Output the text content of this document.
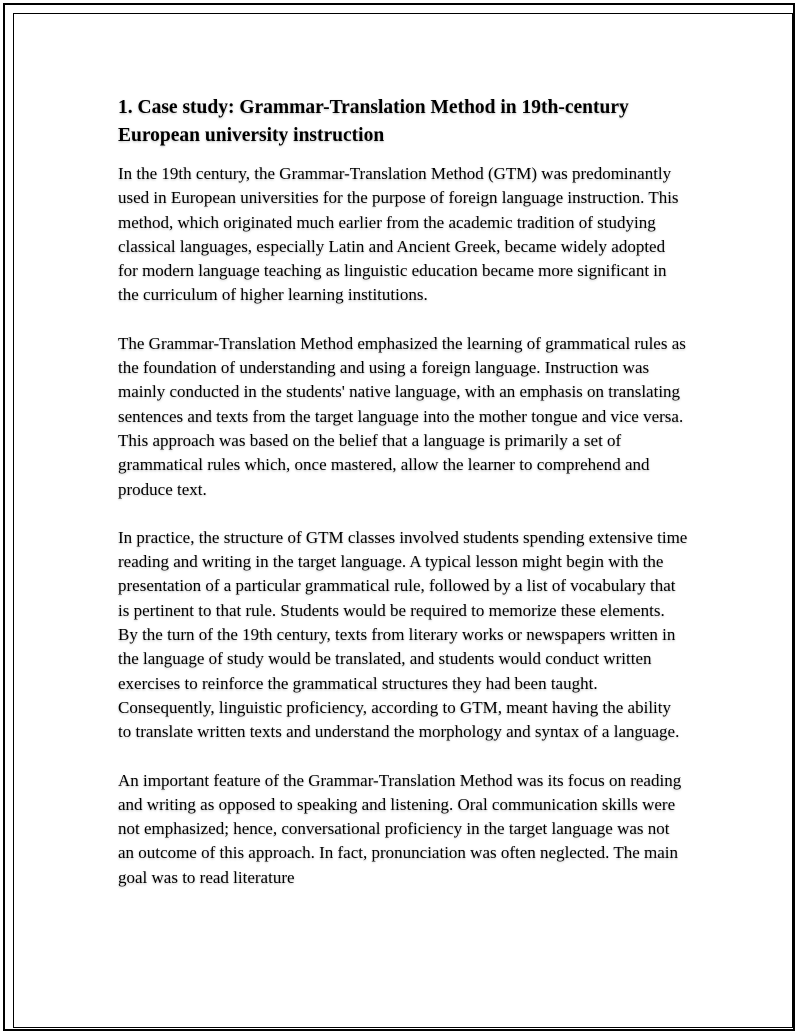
1. Case study: Grammar-Translation Method in 19th-century European university instruction

In the 19th century, the Grammar-Translation Method (GTM) was predominantly used in European universities for the purpose of foreign language instruction. This method, which originated much earlier from the academic tradition of studying classical languages, especially Latin and Ancient Greek, became widely adopted for modern language teaching as linguistic education became more significant in the curriculum of higher learning institutions.

The Grammar-Translation Method emphasized the learning of grammatical rules as the foundation of understanding and using a foreign language. Instruction was mainly conducted in the students' native language, with an emphasis on translating sentences and texts from the target language into the mother tongue and vice versa. This approach was based on the belief that a language is primarily a set of grammatical rules which, once mastered, allow the learner to comprehend and produce text.

In practice, the structure of GTM classes involved students spending extensive time reading and writing in the target language. A typical lesson might begin with the presentation of a particular grammatical rule, followed by a list of vocabulary that is pertinent to that rule. Students would be required to memorize these elements. By the turn of the 19th century, texts from literary works or newspapers written in the language of study would be translated, and students would conduct written exercises to reinforce the grammatical structures they had been taught. Consequently, linguistic proficiency, according to GTM, meant having the ability to translate written texts and understand the morphology and syntax of a language.

An important feature of the Grammar-Translation Method was its focus on reading and writing as opposed to speaking and listening. Oral communication skills were not emphasized; hence, conversational proficiency in the target language was not an outcome of this approach. In fact, pronunciation was often neglected. The main goal was to read literature
